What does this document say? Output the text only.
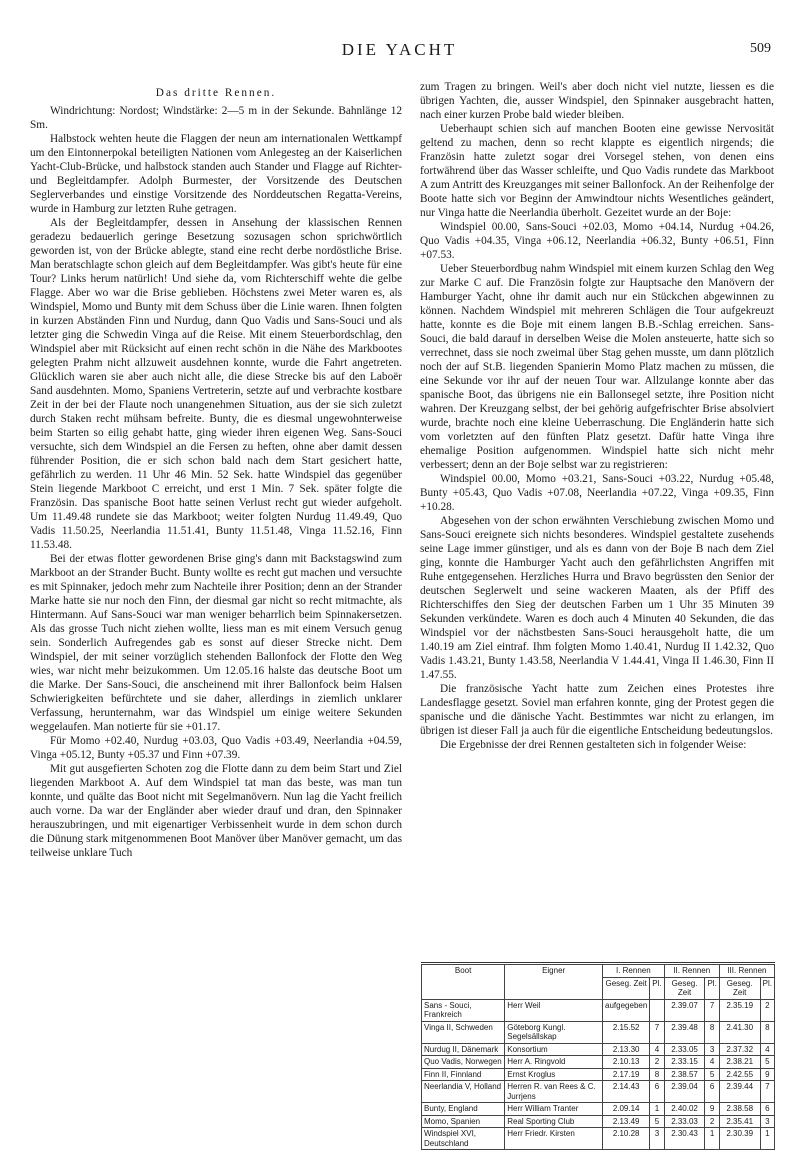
DIE YACHT	509

Das dritte Rennen.

Windrichtung: Nordost; Windstärke: 2—5 m in der Sekunde. Bahnlänge 12 Sm.

Halbstock wehten heute die Flaggen der neun am internationalen Wettkampf um den Eintonnerpokal beteiligten Nationen vom Anlegesteg an der Kaiserlichen Yacht-Club-Brücke, und halbstock standen auch Stander und Flagge auf Richter- und Begleitdampfer. Adolph Burmester, der Vorsitzende des Deutschen Seglerverbandes und einstige Vorsitzende des Norddeutschen Regatta-Vereins, wurde in Hamburg zur letzten Ruhe getragen.

Als der Begleitdampfer, dessen in Ansehung der klassischen Rennen geradezu bedauerlich geringe Besetzung sozusagen schon sprichwörtlich geworden ist, von der Brücke ablegte, stand eine recht derbe nordöstliche Brise. Man beratschlagte schon gleich auf dem Begleitdampfer. Was gibt's heute für eine Tour? Links herum natürlich! Und siehe da, vom Richterschiff wehte die gelbe Flagge. Aber wo war die Brise geblieben. Höchstens zwei Meter waren es, als Windspiel, Momo und Bunty mit dem Schuss über die Linie waren. Ihnen folgten in kurzen Abständen Finn und Nurdug, dann Quo Vadis und Sans-Souci und als letzter ging die Schwedin Vinga auf die Reise. Mit einem Steuerbordschlag, den Windspiel aber mit Rücksicht auf einen recht schön in die Nähe des Markbootes gelegten Prahm nicht allzuweit ausdehnen konnte, wurde die Fahrt angetreten. Glücklich waren sie aber auch nicht alle, die diese Strecke bis auf den Laboër Sand ausdehnten. Momo, Spaniens Vertreterin, setzte auf und verbrachte kostbare Zeit in der bei der Flaute noch unangenehmen Situation, aus der sie sich zuletzt durch Staken recht mühsam befreite. Bunty, die es diesmal ungewohnterweise beim Starten so eilig gehabt hatte, ging wieder ihren eigenen Weg. Sans-Souci versuchte, sich dem Windspiel an die Fersen zu heften, ohne aber damit dessen führender Position, die er sich schon bald nach dem Start gesichert hatte, gefährlich zu werden. 11 Uhr 46 Min. 52 Sek. hatte Windspiel das gegenüber Stein liegende Markboot C erreicht, und erst 1 Min. 7 Sek. später folgte die Französin. Das spanische Boot hatte seinen Verlust recht gut wieder aufgeholt. Um 11.49.48 rundete sie das Markboot; weiter folgten Nurdug 11.49.49, Quo Vadis 11.50.25, Neerlandia 11.51.41, Bunty 11.51.48, Vinga 11.52.16, Finn 11.53.48.

Bei der etwas flotter gewordenen Brise ging's dann mit Backstagswind zum Markboot an der Strander Bucht. Bunty wollte es recht gut machen und versuchte es mit Spinnaker, jedoch mehr zum Nachteile ihrer Position; denn an der Strander Marke hatte sie nur noch den Finn, der diesmal gar nicht so recht mitmachte, als Hintermann. Auf Sans-Souci war man weniger beharrlich beim Spinnakersetzen. Als das grosse Tuch nicht ziehen wollte, liess man es mit einem Versuch genug sein. Sonderlich Aufregendes gab es sonst auf dieser Strecke nicht. Dem Windspiel, der mit seiner vorzüglich stehenden Ballonfock der Flotte den Weg wies, war nicht mehr beizukommen. Um 12.05.16 halste das deutsche Boot um die Marke. Der Sans-Souci, die anscheinend mit ihrer Ballonfock beim Halsen Schwierigkeiten befürchtete und sie daher, allerdings in ziemlich unklarer Verfassung, herunternahm, war das Windspiel um einige weitere Sekunden weggelaufen. Man notierte für sie +01.17.

Für Momo +02.40, Nurdug +03.03, Quo Vadis +03.49, Neerlandia +04.59, Vinga +05.12, Bunty +05.37 und Finn +07.39.

Mit gut ausgefierten Schoten zog die Flotte dann zu dem beim Start und Ziel liegenden Markboot A. Auf dem Windspiel tat man das beste, was man tun konnte, und quälte das Boot nicht mit Segelmanövern. Nun lag die Yacht freilich auch vorne. Da war der Engländer aber wieder drauf und dran, den Spinnaker herauszubringen, und mit eigenartiger Verbissenheit wurde in dem schon durch die Dünung stark mitgenommenen Boot Manöver über Manöver gemacht, um das teilweise unklare Tuch

zum Tragen zu bringen. Weil's aber doch nicht viel nutzte, liessen es die übrigen Yachten, die, ausser Windspiel, den Spinnaker ausgebracht hatten, nach einer kurzen Probe bald wieder bleiben.

Ueberhaupt schien sich auf manchen Booten eine gewisse Nervosität geltend zu machen, denn so recht klappte es eigentlich nirgends; die Französin hatte zuletzt sogar drei Vorsegel stehen, von denen eins fortwährend über das Wasser schleifte, und Quo Vadis rundete das Markboot A zum Antritt des Kreuzganges mit seiner Ballonfock. An der Reihenfolge der Boote hatte sich vor Beginn der Amwindtour nichts Wesentliches geändert, nur Vinga hatte die Neerlandia überholt. Gezeitet wurde an der Boje:

Windspiel 00.00, Sans-Souci +02.03, Momo +04.14, Nurdug +04.26, Quo Vadis +04.35, Vinga +06.12, Neerlandia +06.32, Bunty +06.51, Finn +07.53.

Ueber Steuerbordbug nahm Windspiel mit einem kurzen Schlag den Weg zur Marke C auf. Die Französin folgte zur Hauptsache den Manövern der Hamburger Yacht, ohne ihr damit auch nur ein Stückchen abgewinnen zu können. Nachdem Windspiel mit mehreren Schlägen die Tour aufgekreuzt hatte, konnte es die Boje mit einem langen B.B.-Schlag erreichen. Sans-Souci, die bald darauf in derselben Weise die Molen ansteuerte, hatte sich so verrechnet, dass sie noch zweimal über Stag gehen musste, um dann plötzlich noch der auf St.B. liegenden Spanierin Momo Platz machen zu müssen, die eine Sekunde vor ihr auf der neuen Tour war. Allzulange konnte aber das spanische Boot, das übrigens nie ein Ballonsegel setzte, ihre Position nicht wahren. Der Kreuzgang selbst, der bei gehörig aufgefrischter Brise absolviert wurde, brachte noch eine kleine Ueberraschung. Die Engländerin hatte sich vom vorletzten auf den fünften Platz gesetzt. Dafür hatte Vinga ihre ehemalige Position aufgenommen. Windspiel hatte sich nicht mehr verbessert; denn an der Boje selbst war zu registrieren:

Windspiel 00.00, Momo +03.21, Sans-Souci +03.22, Nurdug +05.48, Bunty +05.43, Quo Vadis +07.08, Neerlandia +07.22, Vinga +09.35, Finn +10.28.

Abgesehen von der schon erwähnten Verschiebung zwischen Momo und Sans-Souci ereignete sich nichts besonderes. Windspiel gestaltete zusehends seine Lage immer günstiger, und als es dann von der Boje B nach dem Ziel ging, konnte die Hamburger Yacht auch den gefährlichsten Angriffen mit Ruhe entgegensehen. Herzliches Hurra und Bravo begrüssten den Senior der deutschen Seglerwelt und seine wackeren Maaten, als der Pfiff des Richterschiffes den Sieg der deutschen Farben um 1 Uhr 35 Minuten 39 Sekunden verkündete. Waren es doch auch 4 Minuten 40 Sekunden, die das Windspiel vor der nächstbesten Sans-Souci herausgeholt hatte, die um 1.40.19 am Ziel eintraf. Ihm folgten Momo 1.40.41, Nurdug II 1.42.32, Quo Vadis 1.43.21, Bunty 1.43.58, Neerlandia V 1.44.41, Vinga II 1.46.30, Finn II 1.47.55.

Die französische Yacht hatte zum Zeichen eines Protestes ihre Landesflagge gesetzt. Soviel man erfahren konnte, ging der Protest gegen die spanische und die dänische Yacht. Bestimmtes war nicht zu erlangen, im übrigen ist dieser Fall ja auch für die eigentliche Entscheidung bedeutungslos.

Die Ergebnisse der drei Rennen gestalteten sich in folgender Weise:

Boot	Eigner	I. Rennen		II. Rennen		III. Rennen	
		Geseg. Zeit	Pl.	Geseg. Zeit	Pl.	Geseg. Zeit	Pl.
Sans - Souci, Frankreich	Herr Weil	aufgegeben		2.39.07	7	2.35.19	2
Vinga II, Schweden	Göteborg Kungl. Segelsällskap	2.15.52	7	2.39.48	8	2.41.30	8
Nurdug II, Dänemark	Konsortium	2.13.30	4	2.33.05	3	2.37.32	4
Quo Vadis, Norwegen	Herr A. Ringvold	2.10.13	2	2.33.15	4	2.38.21	5
Finn II, Finnland	Ernst Kroglus	2.17.19	8	2.38.57	5	2.42.55	9
Neerlandia V, Holland	Herren R. van Rees & C. Jurrjens	2.14.43	6	2.39.04	6	2.39.44	7
Bunty, England	Herr William Tranter	2.09.14	1	2.40.02	9	2.38.58	6
Momo, Spanien	Real Sporting Club	2.13.49	5	2.33.03	2	2.35.41	3
Windspiel XVI, Deutschland	Herr Friedr. Kirsten	2.10.28	3	2.30.43	1	2.30.39	1
